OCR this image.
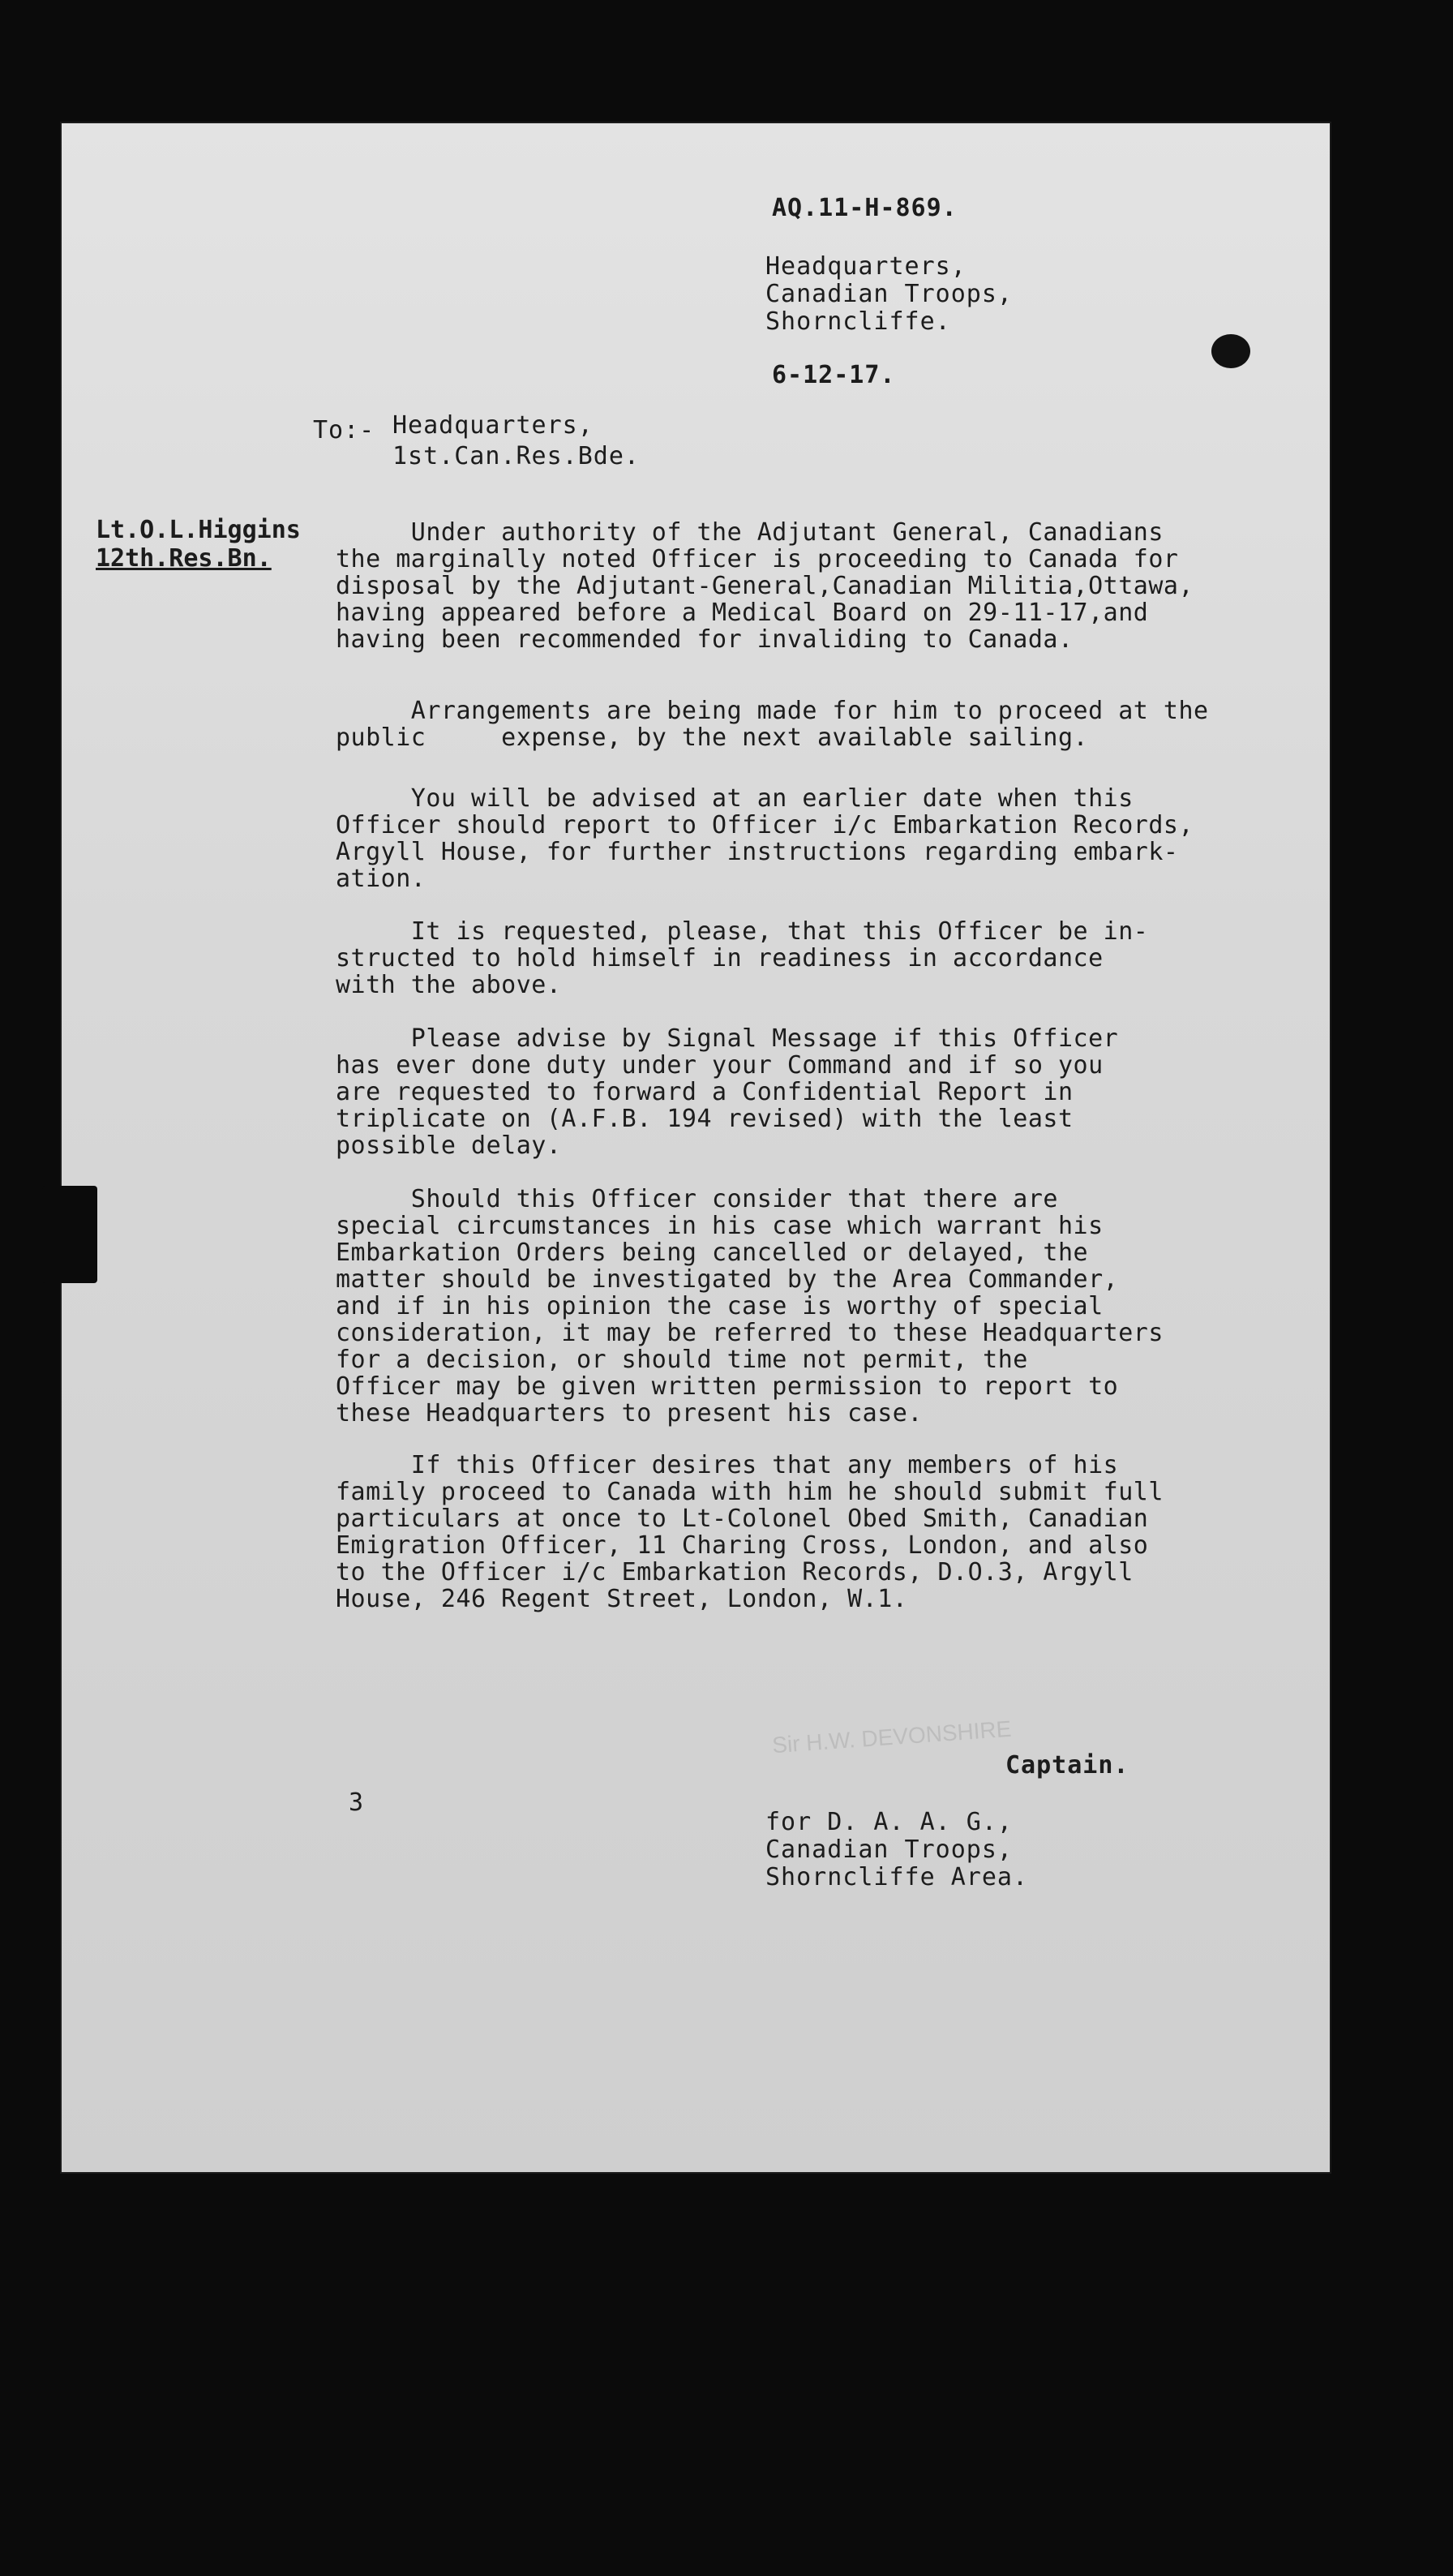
AQ.11-H-869.
Headquarters,
Canadian Troops,
Shorncliffe.
6-12-17.
To:- Headquarters,
1st.Can.Res.Bde.
Lt.O.L.Higgins
12th.Res.Bn.
Under authority of the Adjutant General, Canadians
the marginally noted Officer is proceeding to Canada for
disposal by the Adjutant-General,Canadian Militia,Ottawa,
having appeared before a Medical Board on 29-11-17,and
having been recommended for invaliding to Canada.
Arrangements are being made for him to proceed at the
public     expense, by the next available sailing.
You will be advised at an earlier date when this
Officer should report to Officer i/c Embarkation Records,
Argyll House, for further instructions regarding embark-
ation.
It is requested, please, that this Officer be in-
structed to hold himself in readiness in accordance
with the above.
Please advise by Signal Message if this Officer
has ever done duty under your Command and if so you
are requested to forward a Confidential Report in
triplicate on (A.F.B. 194 revised) with the least
possible delay.
Should this Officer consider that there are
special circumstances in his case which warrant his
Embarkation Orders being cancelled or delayed, the
matter should be investigated by the Area Commander,
and if in his opinion the case is worthy of special
consideration, it may be referred to these Headquarters
for a decision, or should time not permit, the
Officer may be given written permission to report to
these Headquarters to present his case.
If this Officer desires that any members of his
family proceed to Canada with him he should submit full
particulars at once to Lt-Colonel Obed Smith, Canadian
Emigration Officer, 11 Charing Cross, London, and also
to the Officer i/c Embarkation Records, D.O.3, Argyll
House, 246 Regent Street, London, W.1.
Sir H.W. DEVONSHIRE
Captain.
3
for D. A. A. G.,
Canadian Troops,
Shorncliffe Area.
